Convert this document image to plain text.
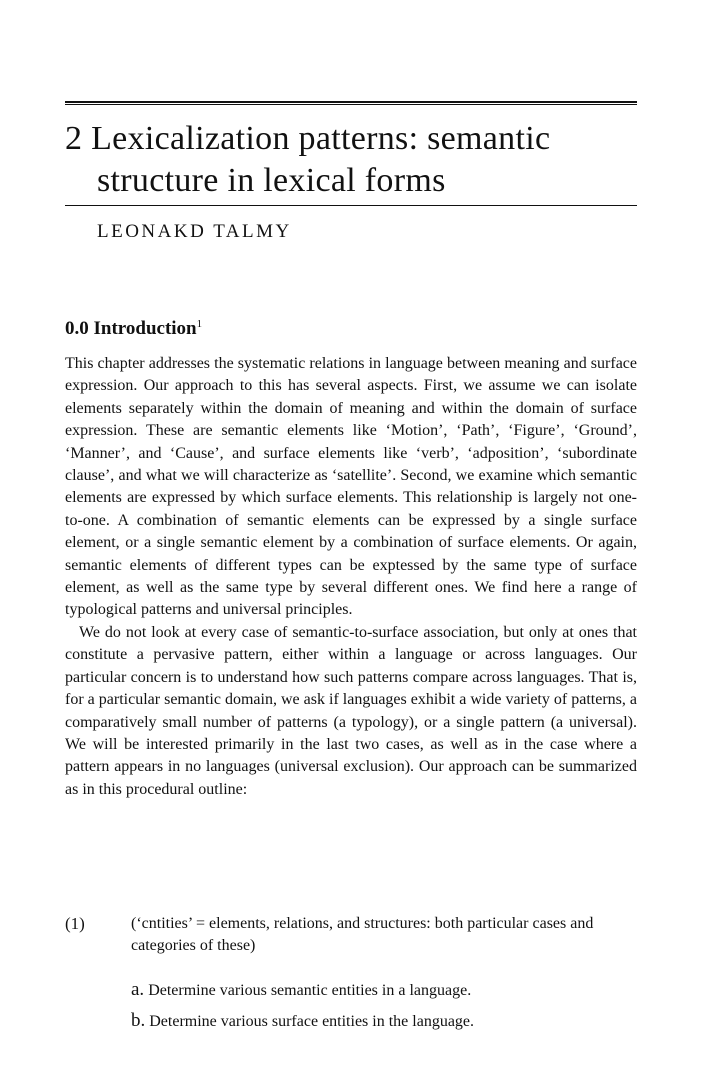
2 Lexicalization patterns: semantic
structure in lexical forms
LEONAKD TALMY
0.0 Introduction$^1$

This chapter addresses the systematic relations in language between meaning and surface expression. Our approach to this has several aspects. First, we assume we can isolate elements separately within the domain of meaning and within the domain of surface expression. These are semantic elements like ‘Motion’, ‘Path’, ‘Figure’, ‘Ground’, ‘Manner’, and ‘Cause’, and surface elements like ‘verb’, ‘adposition’, ‘subordinate clause’, and what we will characterize as ‘satellite’. Second, we examine which semantic elements are expressed by which surface elements. This relationship is largely not one-to-one. A combination of semantic elements can be expressed by a single surface element, or a single semantic element by a combination of surface elements. Or again, semantic elements of different types can be exptessed by the same type of surface element, as well as the same type by several different ones. We find here a range of typological patterns and universal principles.

We do not look at every case of semantic-to-surface association, but only at ones that constitute a pervasive pattern, either within a language or across languages. Our particular concern is to understand how such patterns compare across languages. That is, for a particular semantic domain, we ask if languages exhibit a wide variety of patterns, a comparatively small number of patterns (a typology), or a single pattern (a universal). We will be interested primarily in the last two cases, as well as in the case where a pattern appears in no languages (universal exclusion). Our approach can be summarized as in this procedural outline:

(1)	(‘cntities’ = elements, relations, and structures: both particular cases and categories of these)
a. Determine various semantic entities in a language.
b. Determine various surface entities in the language.
